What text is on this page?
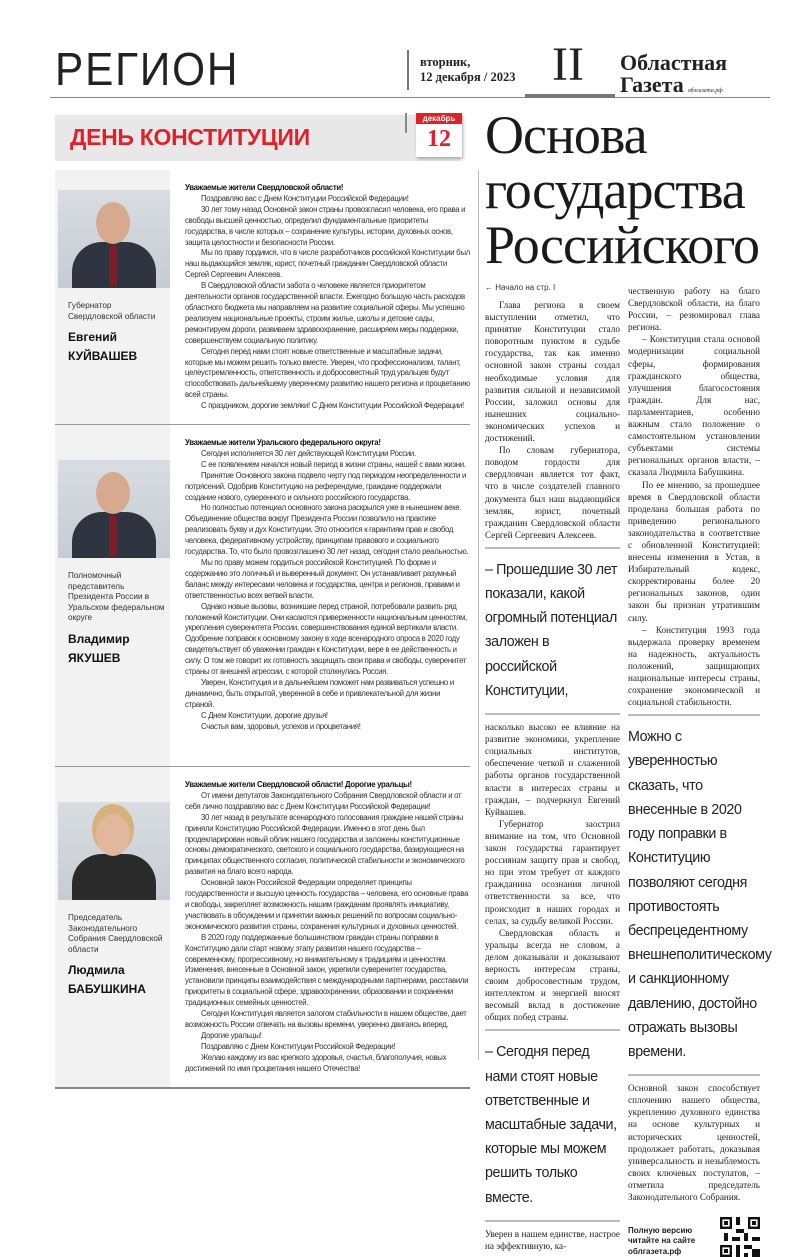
РЕГИОН	вторник,
12 декабря / 2023 II Областная
Газета облгазета.рф
ДЕНЬ КОНСТИТУЦИИ
декабрь
12
Губернатор Свердловской области
Евгений
КУЙВАШЕВ

Уважаемые жители Свердловской области!

Поздравляю вас с Днем Конституции Российской Федерации!

30 лет тому назад Основной закон страны провозгласил человека, его права и свободы высшей ценностью, определил фундаментальные приоритеты государства, в числе которых – сохранение культуры, истории, духовных основ, защита целостности и безопасности России.

Мы по праву гордимся, что в числе разработчиков российской Конституции был наш выдающийся земляк, юрист, почетный гражданин Свердловской области Сергей Сергеевич Алексеев.

В Свердловской области забота о человеке является приоритетом деятельности органов государственной власти. Ежегодно большую часть расходов областного бюджета мы направляем на развитие социальной сферы. Мы успешно реализуем национальные проекты, строим жилье, школы и детские сады, ремонтируем дороги, развиваем здравоохранение, расширяем меры поддержки, совершенствуем социальную политику.

Сегодня перед нами стоят новые ответственные и масштабные задачи, которые мы можем решить только вместе. Уверен, что профессионализм, талант, целеустремленность, ответственность и добросовестный труд уральцев будут способствовать дальнейшему уверенному развитию нашего региона и процветанию всей страны.

С праздником, дорогие земляки! С Днем Конституции Российской Федерации!

Полномочный представитель Президента России в Уральском федеральном округе
Владимир
ЯКУШЕВ

Уважаемые жители Уральского федерального округа!

Сегодня исполняется 30 лет действующей Конституции России.

С ее появлением начался новый период в жизни страны, нашей с вами жизни.

Принятие Основного закона подвело черту под периодом неопределенности и потрясений. Одобрив Конституцию на референдуме, граждане поддержали создание нового, суверенного и сильного российского государства.

Но полностью потенциал основного закона раскрылся уже в нынешнем веке. Объединение общества вокруг Президента России позволило на практике реализовать букву и дух Конституции. Это относится к гарантиям прав и свобод человека, федеративному устройству, принципам правового и социального государства. То, что было провозглашено 30 лет назад, сегодня стало реальностью.

Мы по праву можем гордиться российской Конституцией. По форме и содержанию это логичный и выверенный документ. Он устанавливает разумный баланс между интересами человека и государства, центра и регионов, правами и ответственностью всех ветвей власти.

Однако новые вызовы, возникшие перед страной, потребовали развить ряд положений Конституции. Они касаются приверженности национальным ценностям, укрепления суверенитета России, совершенствования единой вертикали власти. Одобрение поправок к основному закону в ходе всенародного опроса в 2020 году свидетельствует об уважении граждан к Конституции, вере в ее действенность и силу. О том же говорит их готовность защищать свои права и свободы, суверенитет страны от внешней агрессии, с которой столкнулась Россия.

Уверен, Конституция и в дальнейшем поможет нам развиваться успешно и динамично, быть открытой, уверенной в себе и привлекательной для жизни страной.

С Днем Конституции, дорогие друзья!

Счастья вам, здоровья, успехов и процветания!

Председатель Законодательного Собрания Свердловской области
Людмила
БАБУШКИНА

Уважаемые жители Свердловской области! Дорогие уральцы!

От имени депутатов Законодательного Собрания Свердловской области и от себя лично поздравляю вас с Днем Конституции Российской Федерации!

30 лет назад в результате всенародного голосования граждане нашей страны приняли Конституцию Российской Федерации. Именно в этот день был продекларирован новый облик нашего государства и заложены конституционные основы демократического, светского и социального государства, базирующиеся на принципах общественного согласия, политической стабильности и экономического развития на благо всего народа.

Основной закон Российской Федерации определяет принципы государственности и высшую ценность государства – человека, его основные права и свободы, закрепляет возможность нашим гражданам проявлять инициативу, участвовать в обсуждении и принятии важных решений по вопросам социально-экономического развития страны, сохранения культурных и духовных ценностей.

В 2020 году поддержанные большинством граждан страны поправки в Конституцию дали старт новому этапу развития нашего государства – современному, прогрессивному, но внимательному к традициям и ценностям. Изменения, внесенные в Основной закон, укрепили суверенитет государства, установили принципы взаимодействия с международными партнерами, расставили приоритеты в социальной сфере, здравоохранении, образовании и сохранении традиционных семейных ценностей.

Сегодня Конституция является залогом стабильности в нашем обществе, дает возможность России отвечать на вызовы времени, уверенно двигаясь вперед.

Дорогие уральцы!

Поздравляю с Днем Конституции Российской Федерации!

Желаю каждому из вас крепкого здоровья, счастья, благополучия, новых достижений по имя процветания нашего Отечества!

Основа
государства
Российского
← Начало на стр. I

Глава региона в своем выступлении отметил, что принятие Конституции стало поворотным пунктом в судьбе государства, так как именно основной закон страны создал необходимые условия для развития сильной и независимой России, заложил основы для нынешних социально-экономических успехов и достижений.

По словам губернатора, поводом гордости для свердловчан является тот факт, что в числе создателей главного документа был наш выдающийся земляк, юрист, почетный гражданин Свердловской области Сергей Сергеевич Алексеев.

– Прошедшие 30 лет показали, какой огромный потенциал заложен в российской Конституции,

насколько высоко ее влияние на развитие экономики, укрепление социальных институтов, обеспечение четкой и слаженной работы органов государственной власти в интересах страны и граждан, – подчеркнул Евгений Куйвашев.

Губернатор заострил внимание на том, что Основной закон государства гарантирует россиянам защиту прав и свобод, но при этом требует от каждого гражданина осознания личной ответственности за все, что происходит в наших городах и селах, за судьбу великой России.

Свердловская область и уральцы всегда не словом, а делом доказывали и доказывают верность интересам страны, своим добросовестным трудом, интеллектом и энергией вносят весомый вклад в достижение общих побед страны.

– Сегодня перед нами стоят новые ответственные и масштабные задачи, которые мы можем решить только вместе.
Уверен в нашем единстве, настрое на эффективную, ка-

чественную работу на благо Свердловской области, на благо России, – резюмировал глава региона.

– Конституция стала основой модернизации социальной сферы, формирования гражданского общества, улучшения благосостояния граждан. Для нас, парламентариев, особенно важным стало положение о самостоятельном установлении субъектами системы региональных органов власти, – сказала Людмила Бабушкина.

По ее мнению, за прошедшее время в Свердловской области проделана большая работа по приведению регионального законодательства в соответствие с обновленной Конституцией: внесены изменения в Устав, в Избирательный кодекс, скорректированы более 20 региональных законов, один закон бы признан утратившим силу.

– Конституция 1993 года выдержала проверку временем на надежность, актуальность положений, защищающих национальные интересы страны, сохранение экономической и социальной стабильности.

Можно с уверенностью сказать, что внесенные в 2020 году поправки в Конституцию позволяют сегодня противостоять беспрецедентному внешнеполитическому и санкционному давлению, достойно отражать вызовы времени.
Основной закон способствует сплочению нашего общества, укреплению духовного единства на основе культурных и исторических ценностей, продолжает работать, доказывая универсальность и незыблемость своих ключевых постулатов, – отметила председатель Законодательного Собрания.
Полную версию читайте на сайте облгазета.рф
